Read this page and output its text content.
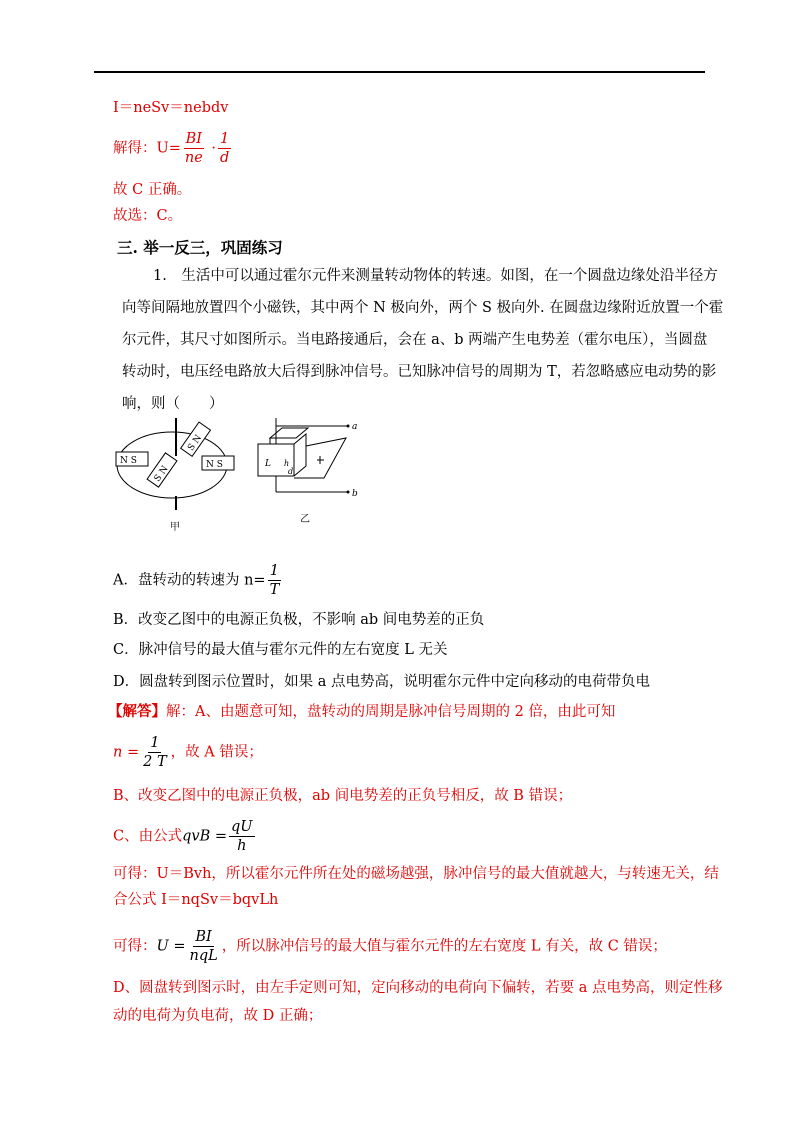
I＝neSv＝nebdv
解得：$U= \frac{BI}{ne} \cdot \frac{1}{d}$
故 C 正确。
故选：C。
三. 举一反三，巩固练习
1.　生活中可以通过霍尔元件来测量转动物体的转速。如图，在一个圆盘边缘处沿半径方
向等间隔地放置四个小磁铁，其中两个 N 极向外，两个 S 极向外. 在圆盘边缘附近放置一个霍
尔元件，其尺寸如图所示。当电路接通后，会在 a、b 两端产生电势差（霍尔电压），当圆盘
转动时，电压经电路放大后得到脉冲信号。已知脉冲信号的周期为 T，若忽略感应电动势的影
响，则（　　）
N S
S N
S N	N S
甲
a
b
L h
d
乙
A．盘转动的转速为 $n= \frac{1}{T}$
B．改变乙图中的电源正负极，不影响 ab 间电势差的正负
C．脉冲信号的最大值与霍尔元件的左右宽度 L 无关
D．圆盘转到图示位置时，如果 a 点电势高，说明霍尔元件中定向移动的电荷带负电
【解答】解：A、由题意可知，盘转动的周期是脉冲信号周期的 2 倍，由此可知
$n = \frac{1}{2 T}$ ，故 A 错误；
B、改变乙图中的电源正负极，ab 间电势差的正负号相反，故 B 错误；
C、由公式qvB = $\frac{qU}{h}$
可得：U＝Bvh，所以霍尔元件所在处的磁场越强，脉冲信号的最大值就越大，与转速无关，结
合公式 I＝nqSv＝bqvLh
可得：$U = \frac{BI}{\text{nqL}}$ ，所以脉冲信号的最大值与霍尔元件的左右宽度 L 有关，故 C 错误；
D、圆盘转到图示时，由左手定则可知，定向移动的电荷向下偏转，若要 a 点电势高，则定性移
动的电荷为负电荷，故 D 正确；
